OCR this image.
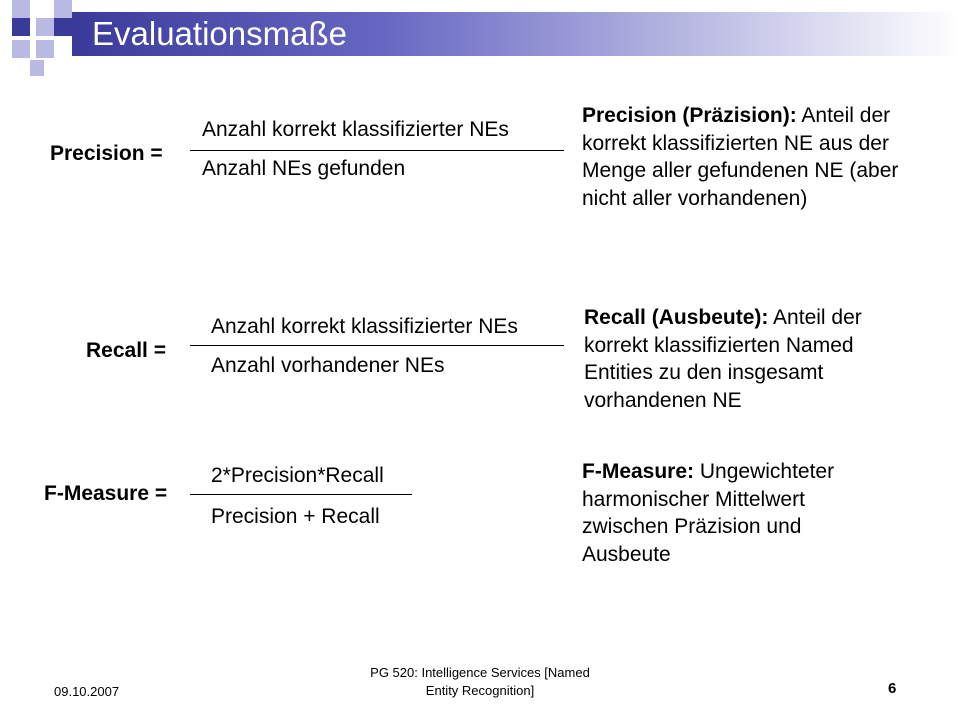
Evaluationsmaße
Precision =
Anzahl korrekt klassifizierter NEs
Anzahl NEs gefunden
Recall =
Anzahl korrekt klassifizierter NEs
Anzahl vorhandener NEs
F-Measure =
2*Precision*Recall
Precision + Recall
Precision (Präzision): Anteil der korrekt klassifizierten NE aus der Menge aller gefundenen NE (aber nicht aller vorhandenen)
Recall (Ausbeute): Anteil der korrekt klassifizierten Named Entities zu den insgesamt vorhandenen NE
F-Measure: Ungewichteter harmonischer Mittelwert zwischen Präzision und Ausbeute
09.10.2007
PG 520: Intelligence Services [Named
Entity Recognition]	6
